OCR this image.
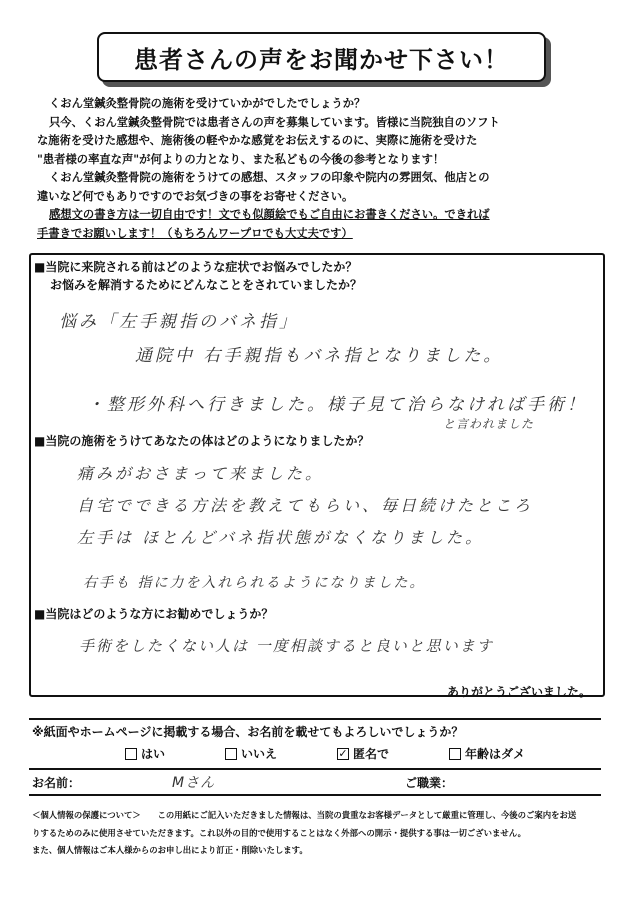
患者さんの声をお聞かせ下さい！

くおん堂鍼灸整骨院の施術を受けていかがでしたでしょうか？

只今、くおん堂鍼灸整骨院では患者さんの声を募集しています。皆様に当院独自のソフト

な施術を受けた感想や、施術後の軽やかな感覚をお伝えするのに、実際に施術を受けた

"患者様の率直な声"が何よりの力となり、また私どもの今後の参考となります！

くおん堂鍼灸整骨院の施術をうけての感想、スタッフの印象や院内の雰囲気、他店との

違いなど何でもありですのでお気づきの事をお寄せください。

感想文の書き方は一切自由です！文でも似顔絵でもご自由にお書きください。できれば

手書きでお願いします！（もちろんワープロでも大丈夫です）

■当院に来院される前はどのような症状でお悩みでしたか？
お悩みを解消するためにどんなことをされていましたか？
悩み「左手親指のバネ指」
通院中 右手親指もバネ指となりました。
・整形外科へ行きました。様子見て治らなければ手術！
と言われました
■当院の施術をうけてあなたの体はどのようになりましたか？
痛みがおさまって来ました。
自宅でできる方法を教えてもらい、毎日続けたところ
左手は ほとんどバネ指状態がなくなりました。
右手も 指に力を入れられるようになりました。
■当院はどのような方にお勧めでしょうか？
手術をしたくない人は 一度相談すると良いと思います
ありがとうございました。
※紙面やホームページに掲載する場合、お名前を載せてもよろしいでしょうか？
はい	いいえ	✓ 匿名で	年齢はダメ
お名前：	Mさん	ご職業：

＜個人情報の保護について＞　　この用紙にご記入いただきました情報は、当院の貴重なお客様データとして厳重に管理し、今後のご案内をお送

りするためのみに使用させていただきます。これ以外の目的で使用することはなく外部への開示・提供する事は一切ございません。

また、個人情報はご本人様からのお申し出により訂正・削除いたします。
